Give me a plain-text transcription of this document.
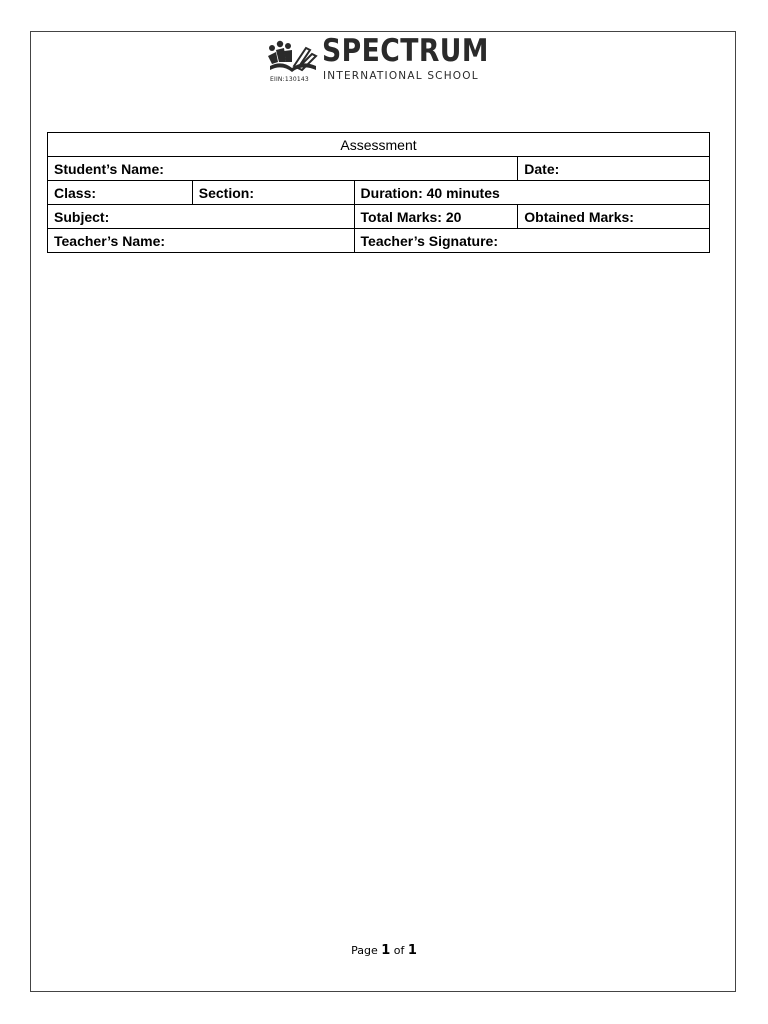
EIIN:130143
SPECTRUM
INTERNATIONAL SCHOOL
Assessment			
Student’s Name:			Date:
Class:	Section:	Duration: 40 minutes	
Subject:		Total Marks: 20	Obtained Marks:
Teacher’s Name:		Teacher’s Signature:	
Page 1 of 1
